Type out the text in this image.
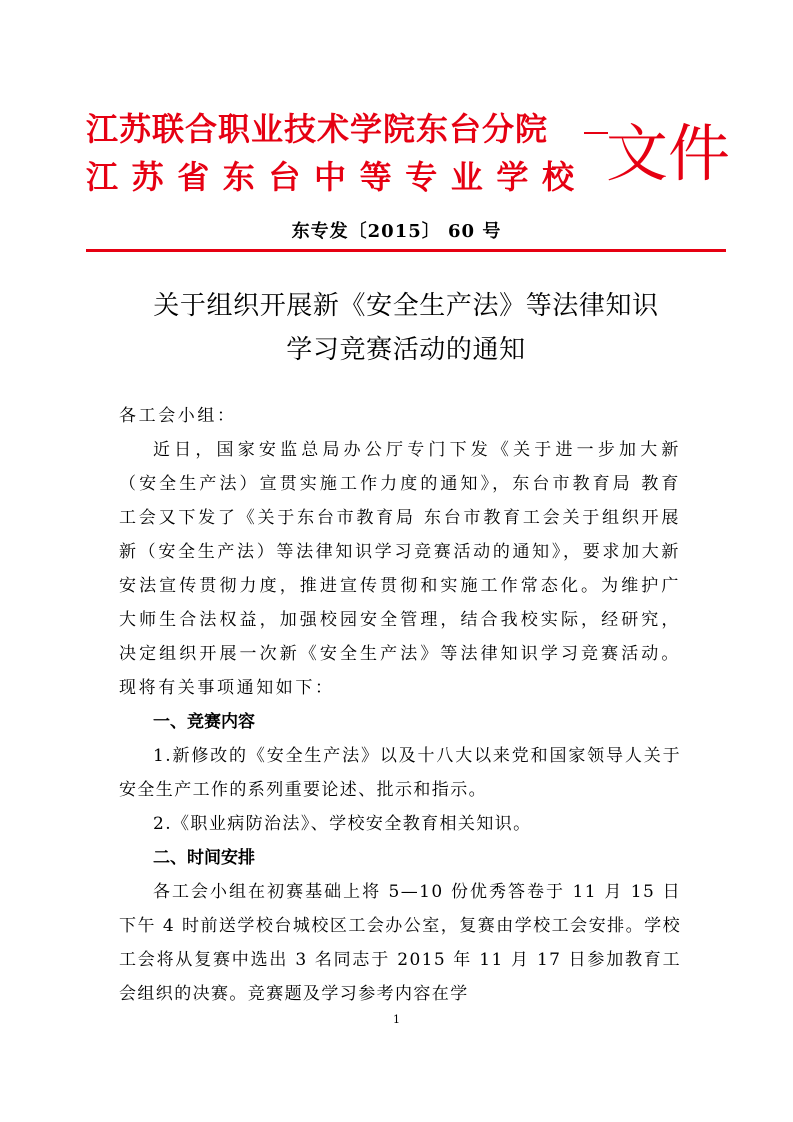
江苏联合职业技术学院东台分院
江苏省东台中等专业学校 文件
东专发〔2015〕 60 号
关于组织开展新《安全生产法》等法律知识
学习竞赛活动的通知

各工会小组：

近日，国家安监总局办公厅专门下发《关于进一步加大新（安全生产法）宣贯实施工作力度的通知》，东台市教育局 教育工会又下发了《关于东台市教育局 东台市教育工会关于组织开展新（安全生产法）等法律知识学习竞赛活动的通知》，要求加大新安法宣传贯彻力度，推进宣传贯彻和实施工作常态化。为维护广大师生合法权益，加强校园安全管理，结合我校实际，经研究，决定组织开展一次新《安全生产法》等法律知识学习竞赛活动。现将有关事项通知如下：

一、竞赛内容

1.新修改的《安全生产法》以及十八大以来党和国家领导人关于安全生产工作的系列重要论述、批示和指示。

2.《职业病防治法》、学校安全教育相关知识。

二、时间安排

各工会小组在初赛基础上将 5—10 份优秀答卷于 11 月 15 日下午 4 时前送学校台城校区工会办公室，复赛由学校工会安排。学校工会将从复赛中选出 3 名同志于 2015 年 11 月 17 日参加教育工会组织的决赛。竞赛题及学习参考内容在学

1
